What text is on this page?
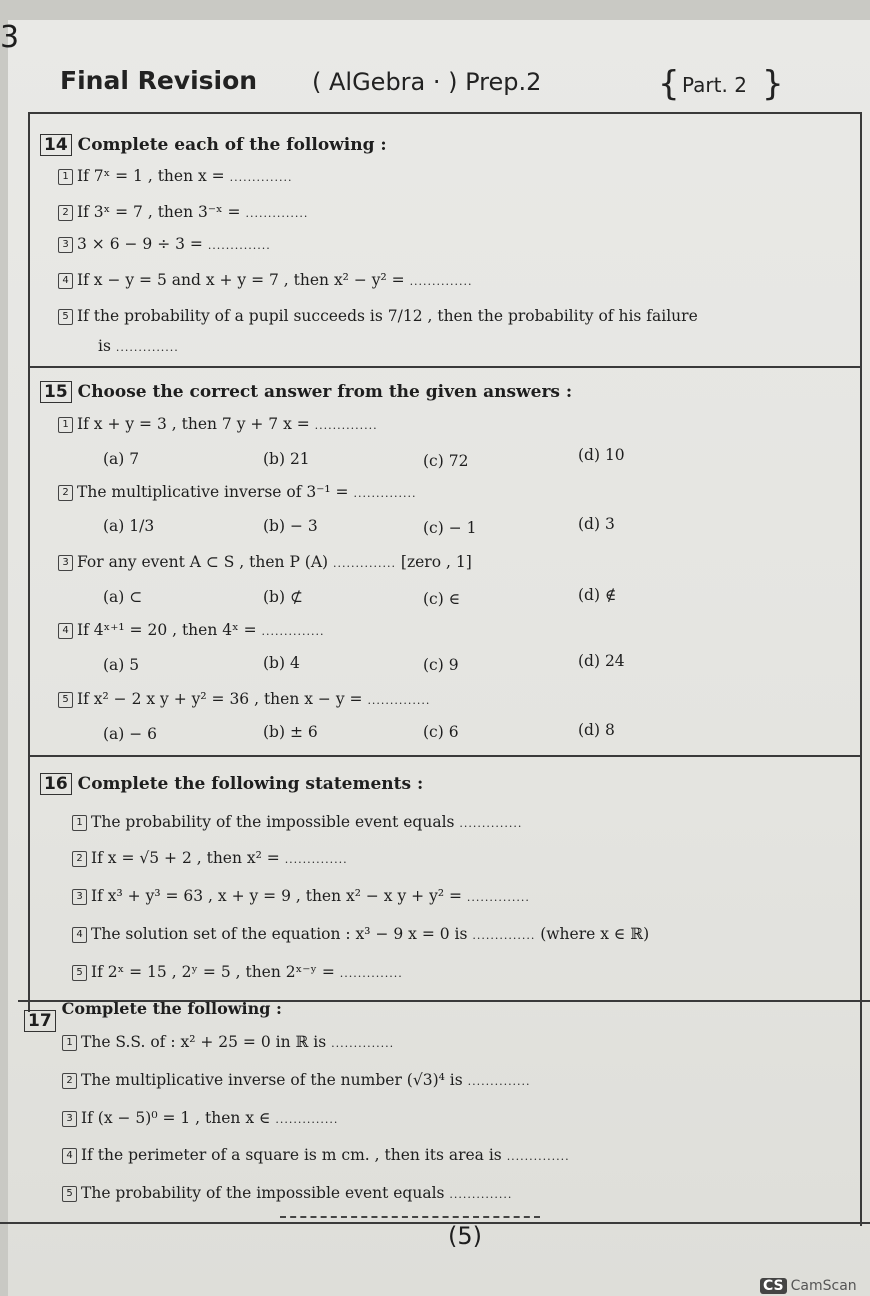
3
Final Revision ( AlGebra · ) Prep.2	{ Part. 2 }
14 Complete each of the following :
1 If 7ˣ = 1 , then x = ..............
2 If 3ˣ = 7 , then 3⁻ˣ = ..............
3 3 × 6 − 9 ÷ 3 = ..............
4 If x − y = 5 and x + y = 7 , then x² − y² = ..............
5 If the probability of a pupil succeeds is 7/12 , then the probability of his failure
is ..............
15 Choose the correct answer from the given answers :
1 If x + y = 3 , then 7 y + 7 x = ..............
(a) 7	(b) 21	(c) 72	(d) 10
2 The multiplicative inverse of 3⁻¹ = ..............
(a) 1/3	(b) − 3	(c) − 1	(d) 3
3 For any event A ⊂ S , then P (A) .............. [zero , 1]
(a) ⊂	(b) ⊄	(c) ∈	(d) ∉
4 If 4ˣ⁺¹ = 20 , then 4ˣ = ..............
(a) 5	(b) 4	(c) 9	(d) 24
5 If x² − 2 x y + y² = 36 , then x − y = ..............
(a) − 6	(b) ± 6	(c) 6	(d) 8
16 Complete the following statements :
1 The probability of the impossible event equals ..............
2 If x = √5 + 2 , then x² = ..............
3 If x³ + y³ = 63 , x + y = 9 , then x² − x y + y² = ..............
4 The solution set of the equation : x³ − 9 x = 0 is .............. (where x ∈ ℝ)
5 If 2ˣ = 15 , 2ʸ = 5 , then 2ˣ⁻ʸ = ..............
17Complete the following :
1 The S.S. of : x² + 25 = 0 in ℝ is ..............
2 The multiplicative inverse of the number (√3)⁴ is ..............
3 If (x − 5)⁰ = 1 , then x ∈ ..............
4 If the perimeter of a square is m cm. , then its area is ..............
5 The probability of the impossible event equals ..............
(5)
CS CamScan
